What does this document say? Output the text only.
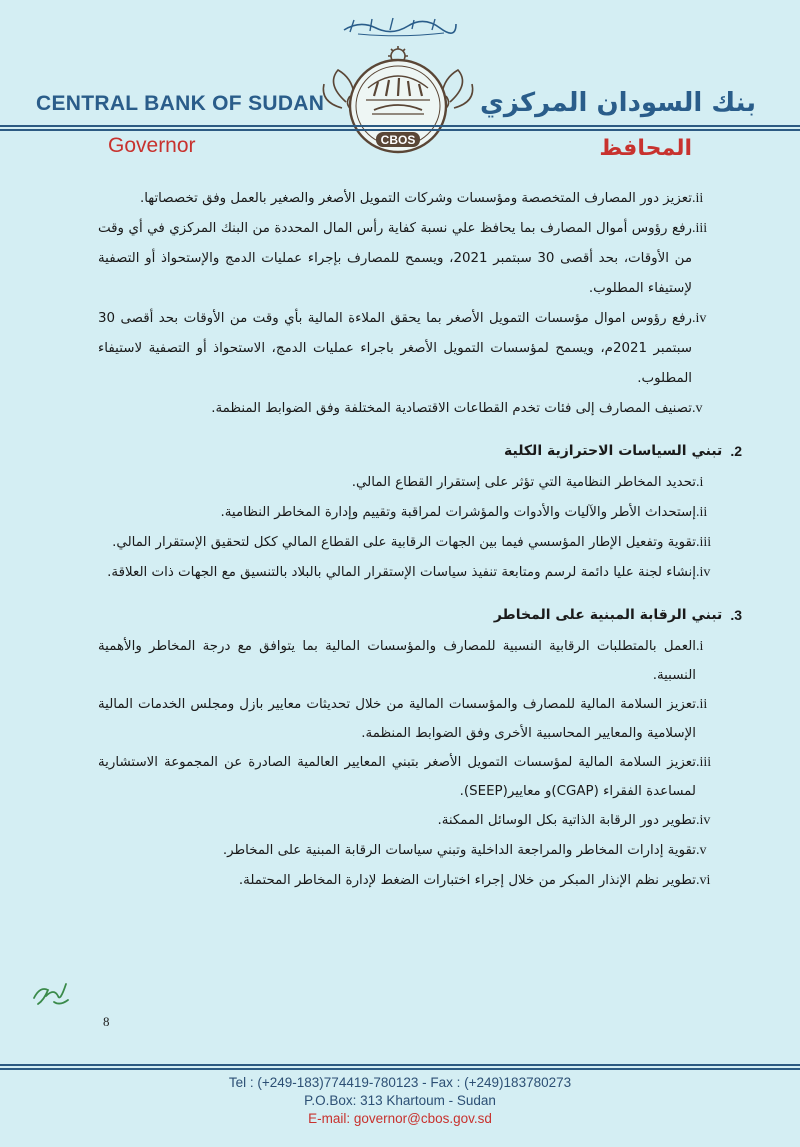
CBOS

CENTRAL BANK OF SUDAN	بنك السودان المركزي

Governor	المحافظ
.ii
تعزيز دور المصارف المتخصصة ومؤسسات وشركات التمويل الأصغر والصغير بالعمل وفق تخصصاتها.
.iii
رفع رؤوس أموال المصارف بما يحافظ علي نسبة كفاية رأس المال المحددة من البنك المركزي في أي وقت من الأوقات، بحد أقصى 30 سبتمبر 2021، ويسمح للمصارف بإجراء عمليات الدمج والإستحواذ أو التصفية لإستيفاء المطلوب.
.iv
رفع رؤوس اموال مؤسسات التمويل الأصغر بما يحقق الملاءة المالية بأي وقت من الأوقات بحد أقصى 30 سبتمبر 2021م، ويسمح لمؤسسات التمويل الأصغر باجراء عمليات الدمج، الاستحواذ أو التصفية لاستيفاء المطلوب.
.v
تصنيف المصارف إلى فئات تخدم القطاعات الاقتصادية المختلفة وفق الضوابط المنظمة.
.2
تبني السياسات الاحترازية الكلية
.i
تحديد المخاطر النظامية التي تؤثر على إستقرار القطاع المالي.
.ii
إستحداث الأطر والآليات والأدوات والمؤشرات لمراقبة وتقييم وإدارة المخاطر النظامية.
.iii
تقوية وتفعيل الإطار المؤسسي فيما بين الجهات الرقابية على القطاع المالي ككل لتحقيق الإستقرار المالي.
.iv
إنشاء لجنة عليا دائمة لرسم ومتابعة تنفيذ سياسات الإستقرار المالي بالبلاد بالتنسيق مع الجهات ذات العلاقة.
.3
تبني الرقابة المبنية على المخاطر
.i
العمل بالمتطلبات الرقابية النسبية للمصارف والمؤسسات المالية بما يتوافق مع درجة المخاطر والأهمية النسبية.
.ii
تعزيز السلامة المالية للمصارف والمؤسسات المالية من خلال تحديثات معايير بازل ومجلس الخدمات المالية الإسلامية والمعايير المحاسبية الأخرى وفق الضوابط المنظمة.
.iii
تعزيز السلامة المالية لمؤسسات التمويل الأصغر بتبني المعايير العالمية الصادرة عن المجموعة الاستشارية لمساعدة الفقراء (CGAP)و معايير(SEEP).
.iv
تطوير دور الرقابة الذاتية بكل الوسائل الممكنة.
.v
تقوية إدارات المخاطر والمراجعة الداخلية وتبني سياسات الرقابة المبنية على المخاطر.
.vi
تطوير نظم الإنذار المبكر من خلال إجراء اختبارات الضغط لإدارة المخاطر المحتملة.
8
Tel : (+249-183)774419-780123 - Fax : (+249)183780273
P.O.Box: 313 Khartoum - Sudan
E-mail: governor@cbos.gov.sd
